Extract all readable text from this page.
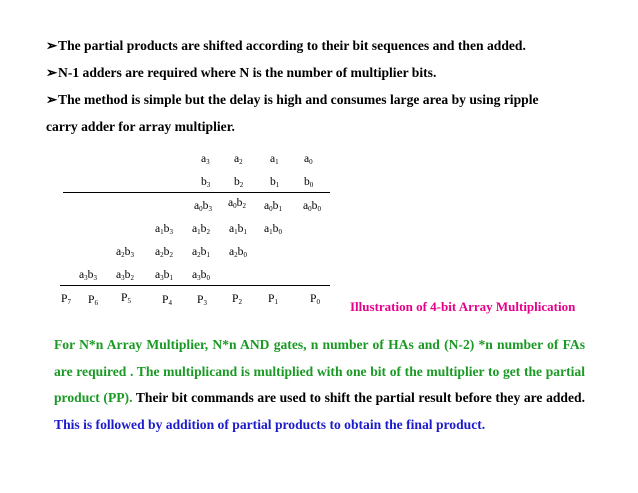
➢The partial products are shifted according to their bit sequences and then added.
➢N-1 adders are required where N is the number of multiplier bits.
➢The method is simple but the delay is high and consumes large area by using ripple
carry adder for array multiplier.
$a_3$ $a_2$ $a_1$ $a_0$
$b_3$ $b_2$ $b_1$ $b_0$
$a_0b_3$ $a_0b_2$ $a_0b_1$ $a_0b_0$
$a_1b_3$ $a_1b_2$ $a_1b_1$ $a_1b_0$
$a_2b_3$ $a_2b_2$ $a_2b_1$ $a_2b_0$
$a_3b_3$ $a_3b_2$ $a_3b_1$ $a_3b_0$
$P_7$ $P_6$ $P_5$	$P_4$ $P_3$ $P_2$ $P_1$	$P_0$ Illustration of 4-bit Array Multiplication
For N*n Array Multiplier, N*n AND gates, n number of HAs and (N-2) *n number of FAs are required . The multiplicand is multiplied with one bit of the multiplier to get the partial product (PP). Their bit commands are used to shift the partial result before they are added. This is followed by addition of partial products to obtain the final product.
